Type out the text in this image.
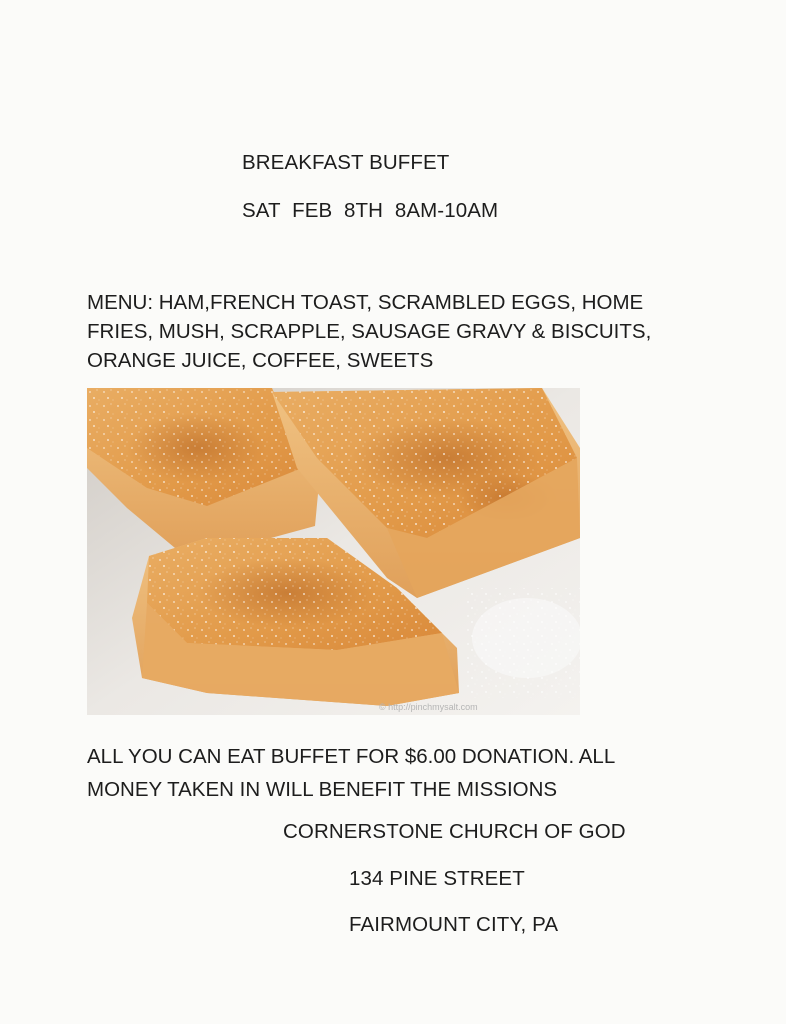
BREAKFAST BUFFET
SAT FEB 8TH 8AM-10AM
MENU: HAM,FRENCH TOAST, SCRAMBLED EGGS, HOME
FRIES, MUSH, SCRAPPLE, SAUSAGE GRAVY & BISCUITS,
ORANGE JUICE, COFFEE, SWEETS
© http://pinchmysalt.com
ALL YOU CAN EAT BUFFET FOR $6.00 DONATION. ALL
MONEY TAKEN IN WILL BENEFIT THE MISSIONS
CORNERSTONE CHURCH OF GOD
134 PINE STREET
FAIRMOUNT CITY, PA
